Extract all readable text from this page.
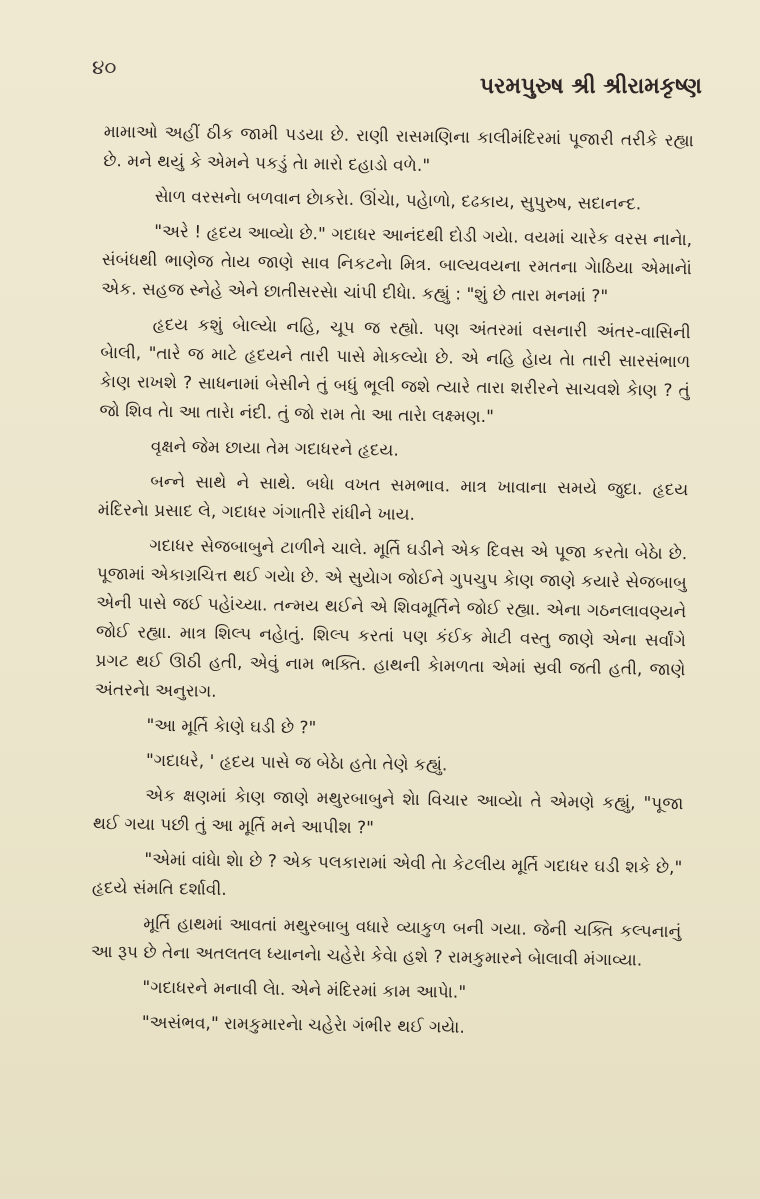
૪૦
પરમપુરુષ શ્રી શ્રીરામકૃષ્ણ

મામાઓ અહીં ઠીક જામી પડયા છે. રાણી રાસમણિના કાલીમંદિરમાં પૂજારી તરીકે રહ્યા છે. મને થયું કે એમને પકડું તેા મારો દહાડો વળે."

સેાળ વરસનેા બળવાન છેાકરેા. ઊંચેા, પહેાળો, દઢકાય, સુપુરુષ, સદાનન્દ.

"અરે ! હૃદય આવ્યેા છે." ગદાધર આનંદથી દોડી ગયેા. વયમાં ચારેક વરસ નાનેા, સંબંધથી ભાણેજ તેાય જાણે સાવ નિકટનેા મિત્ર. બાલ્યવયના રમતના ગેાઠિયા એમાનેાં એક. સહજ સ્નેહે એને છાતીસરસેા ચાંપી દીધેા. કહ્યું : "શું છે તારા મનમાં ?"

હૃદય કશું બેાલ્યેા નહિ, ચૂપ જ રહ્યો. પણ અંતરમાં વસનારી અંતર-વાસિની બેાલી, "તારે જ માટે હૃદયને તારી પાસે મેાકલ્યેા છે. એ નહિ હેાય તેા તારી સારસંભાળ કેાણ રાખશે ? સાધનામાં બેસીને તું બધું ભૂલી જશે ત્યારે તારા શરીરને સાચવશે કેાણ ? તું જો શિવ તેા આ તારેા નંદી. તું જો રામ તેા આ તારેા લક્ષ્મણ."

વૃક્ષને જેમ છાયા તેમ ગદાધરને હૃદય.

બન્ને સાથે ને સાથે. બધેા વખત સમભાવ. માત્ર ખાવાના સમયે જુદા. હૃદય મંદિરનેા પ્રસાદ લે, ગદાધર ગંગાતીરે રાંધીને ખાય.

ગદાધર સેજબાબુને ટાળીને ચાલે. મૂર્તિ ઘડીને એક દિવસ એ પૂજા કરતેા બેઠેા છે. પૂજામાં એકાગ્રચિત્ત થઈ ગયેા છે. એ સુયેાગ જોઈને ગુપચુપ કેાણ જાણે કયારે સેજબાબુ એની પાસે જઈ પહેાંચ્યા. તન્મય થઈને એ શિવમૂર્તિને જોઈ રહ્યા. એના ગઠનલાવણ્યને જોઈ રહ્યા. માત્ર શિલ્પ નહેાતું. શિલ્પ કરતાં પણ કંઈક મેાટી વસ્તુ જાણે એના સર્વાંગે પ્રગટ થઈ ઊઠી હતી, એવું નામ ભક્તિ. હાથની કેામળતા એમાં સ્રવી જતી હતી, જાણે અંતરનેા અનુરાગ.

"આ મૂર્તિ કેાણે ઘડી છે ?"

"ગદાધરે, ' હૃદય પાસે જ બેઠેા હતેા તેણે કહ્યું.

એક ક્ષણમાં કેાણ જાણે મથુરબાબુને શેા વિચાર આવ્યેા તે એમણે કહ્યું, "પૂજા થઈ ગયા પછી તું આ મૂર્તિ મને આપીશ ?"

"એમાં વાંધેા શેા છે ? એક પલકારામાં એવી તેા કેટલીય મૂર્તિ ગદાધર ઘડી શકે છે," હૃદયે સંમતિ દર્શાવી.

મૂર્તિ હાથમાં આવતાં મથુરબાબુ વધારે વ્યાકુળ બની ગયા. જેની ચક્તિ કલ્પનાનું આ રૂપ છે તેના અતલતલ ધ્યાનનેા ચહેરેા કેવેા હશે ? રામકુમારને બેાલાવી મંગાવ્યા.

"ગદાધરને મનાવી લેા. એને મંદિરમાં કામ આપેા."

"અસંભવ," રામકુમારનેા ચહેરેા ગંભીર થઈ ગયેા.
